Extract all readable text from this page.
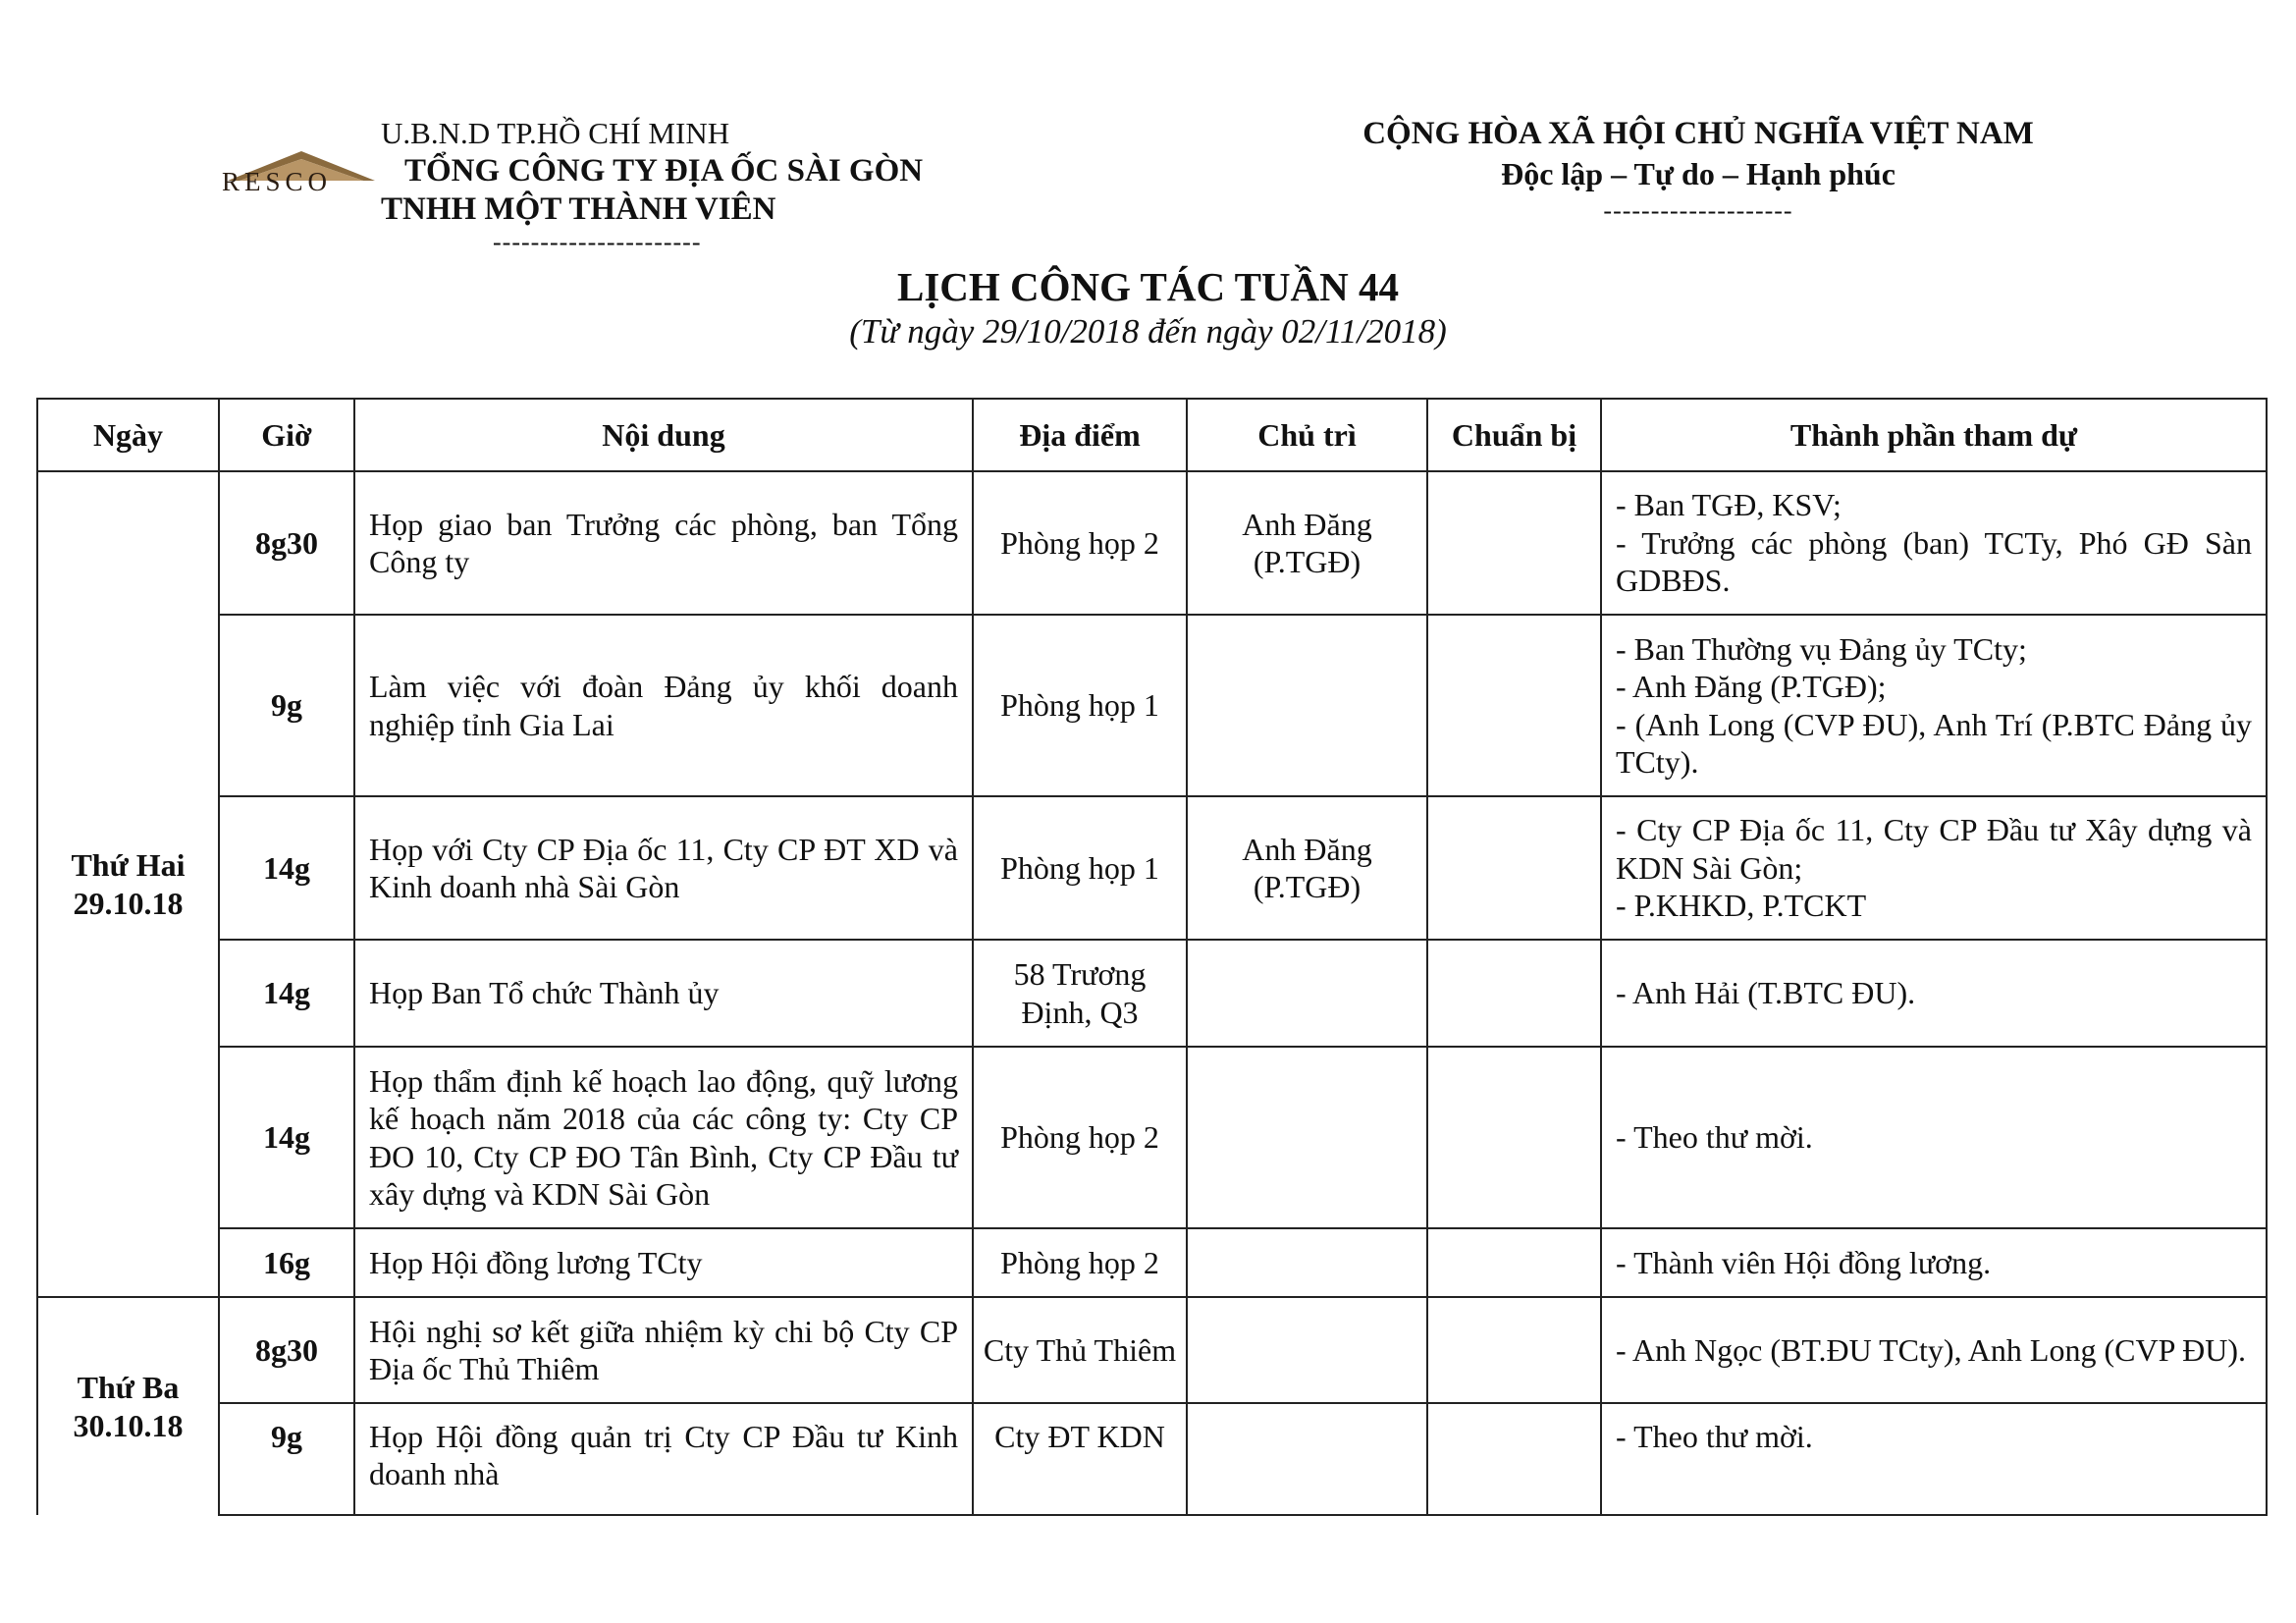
RESCO
U.B.N.D TP.HỒ CHÍ MINH
TỔNG CÔNG TY ĐỊA ỐC SÀI GÒN
TNHH MỘT THÀNH VIÊN
----------------------
CỘNG HÒA XÃ HỘI CHỦ NGHĨA VIỆT NAM
Độc lập – Tự do – Hạnh phúc
--------------------
LỊCH CÔNG TÁC TUẦN 44
(Từ ngày 29/10/2018 đến ngày 02/11/2018)
Ngày	Giờ	Nội dung	Địa điểm	Chủ trì	Chuẩn bị	Thành phần tham dự

Thứ Hai
29.10.18	8g30	Họp giao ban Trưởng các phòng, ban Tổng Công ty	Phòng họp 2	Anh Đăng (P.TGĐ)		- Ban TGĐ, KSV;
- Trưởng các phòng (ban) TCTy, Phó GĐ Sàn GDBĐS.

	9g	Làm việc với đoàn Đảng ủy khối doanh nghiệp tỉnh Gia Lai	Phòng họp 1			- Ban Thường vụ Đảng ủy TCty;
- Anh Đăng (P.TGĐ);
- (Anh Long (CVP ĐU), Anh Trí (P.BTC Đảng ủy TCty).

	14g	Họp với Cty CP Địa ốc 11, Cty CP ĐT XD và Kinh doanh nhà Sài Gòn	Phòng họp 1	Anh Đăng (P.TGĐ)		- Cty CP Địa ốc 11, Cty CP Đầu tư Xây dựng và KDN Sài Gòn;
- P.KHKD, P.TCKT

	14g	Họp Ban Tổ chức Thành ủy	58 Trương Định, Q3			- Anh Hải (T.BTC ĐU).

	14g	Họp thẩm định kế hoạch lao động, quỹ lương kế hoạch năm 2018 của các công ty: Cty CP ĐO 10, Cty CP ĐO Tân Bình, Cty CP Đầu tư xây dựng và KDN Sài Gòn	Phòng họp 2			- Theo thư mời.

	16g	Họp Hội đồng lương TCty	Phòng họp 2			- Thành viên Hội đồng lương.

Thứ Ba
30.10.18	8g30	Hội nghị sơ kết giữa nhiệm kỳ chi bộ Cty CP Địa ốc Thủ Thiêm	Cty Thủ Thiêm			- Anh Ngọc (BT.ĐU TCty), Anh Long (CVP ĐU).

	9g	Họp Hội đồng quản trị Cty CP Đầu tư Kinh doanh nhà	Cty ĐT KDN			- Theo thư mời.
